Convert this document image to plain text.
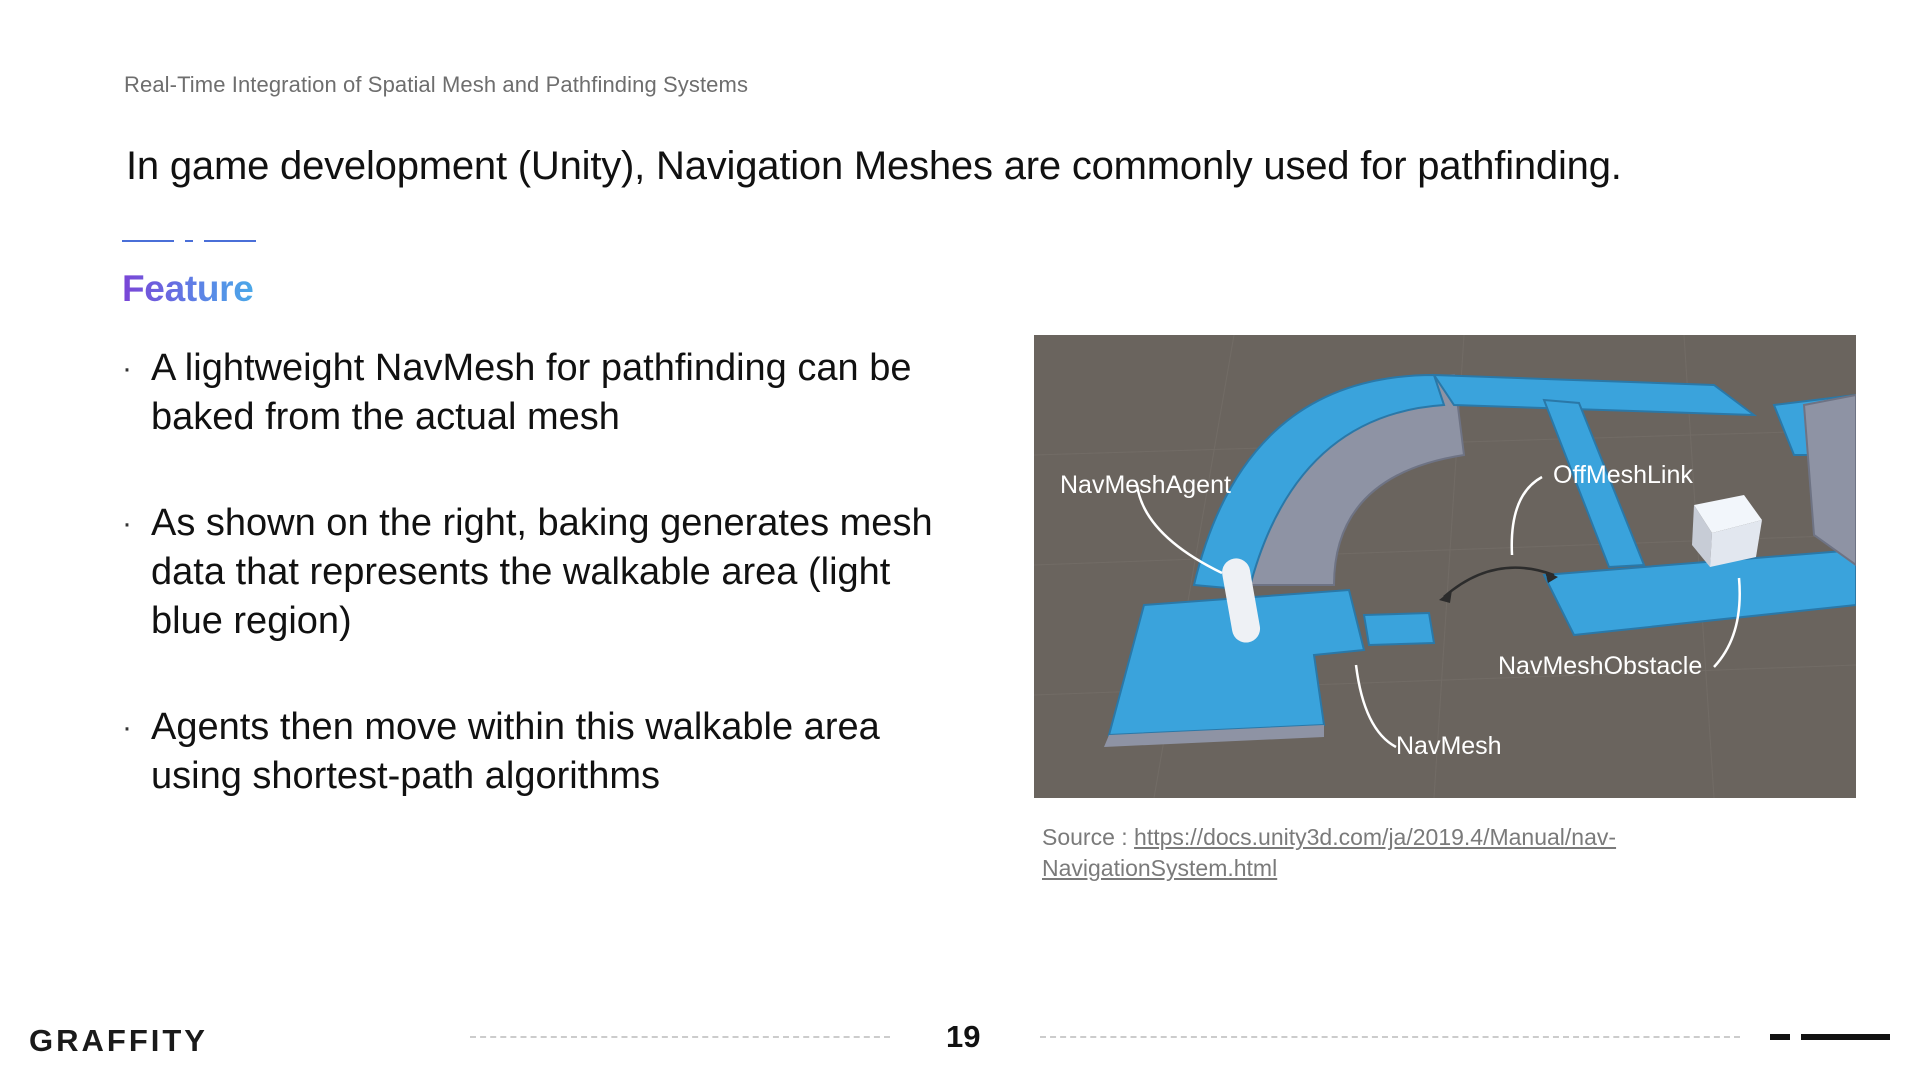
Real-Time Integration of Spatial Mesh and Pathfinding Systems
In game development (Unity), Navigation Meshes are commonly used for pathfinding.
Feature
· A lightweight NavMesh for pathfinding can be baked from the actual mesh
· As shown on the right, baking generates mesh data that represents the walkable area (light blue region)
· Agents then move within this walkable area using shortest-path algorithms
NavMeshAgent	OffMeshLink
NavMeshObstacle
NavMesh
Source : https://docs.unity3d.com/ja/2019.4/Manual/nav-NavigationSystem.html
GRAFFITY	19
